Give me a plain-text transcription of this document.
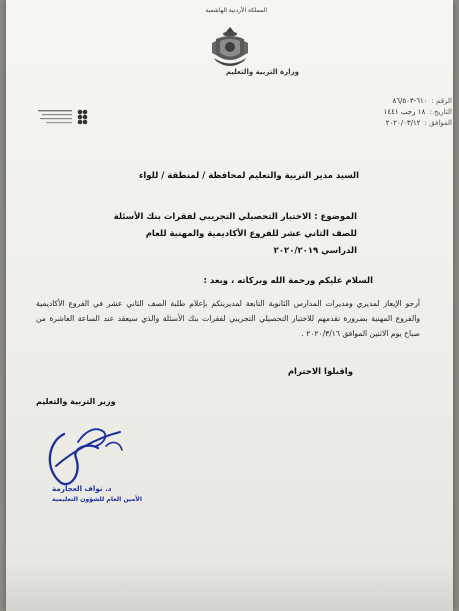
المملكة الأردنية الهاشمية
وزارة التربية والتعليم
الرقم :
٦١٠-٨٦/٥٠٣
التاريخ :
١٨ رجب ١٤٤١
الموافق :
٢٠٢٠/٠٣/١٢
السيد مدير التربية والتعليم لمحافظة / لمنطقة / للواء
الموضوع : الاختبار التحصيلي التجريبي لفقرات بنك الأسئلة
للصف الثاني عشر للفروع الأكاديمية والمهنية للعام
الدراسي ٢٠٢٠/٢٠١٩
السلام عليكم ورحمة الله وبركاته ، وبعد :
أرجو الإيعاز لمديري ومديرات المدارس الثانوية التابعة لمديريتكم بإعلام طلبة الصف الثاني عشر في الفروع الأكاديمية والفروع المهنية بضرورة تقدمهم للاختبار التحصيلي التجريبي لفقرات بنك الأسئلة والذي سيعقد عند الساعة العاشرة من صباح يوم الاثنين الموافق ٢٠٢٠/٣/١٦ .
واقبلوا الاحترام
وزير التربية والتعليم
د. نواف العجارمة
الأمين العام للشؤون التعليمية
